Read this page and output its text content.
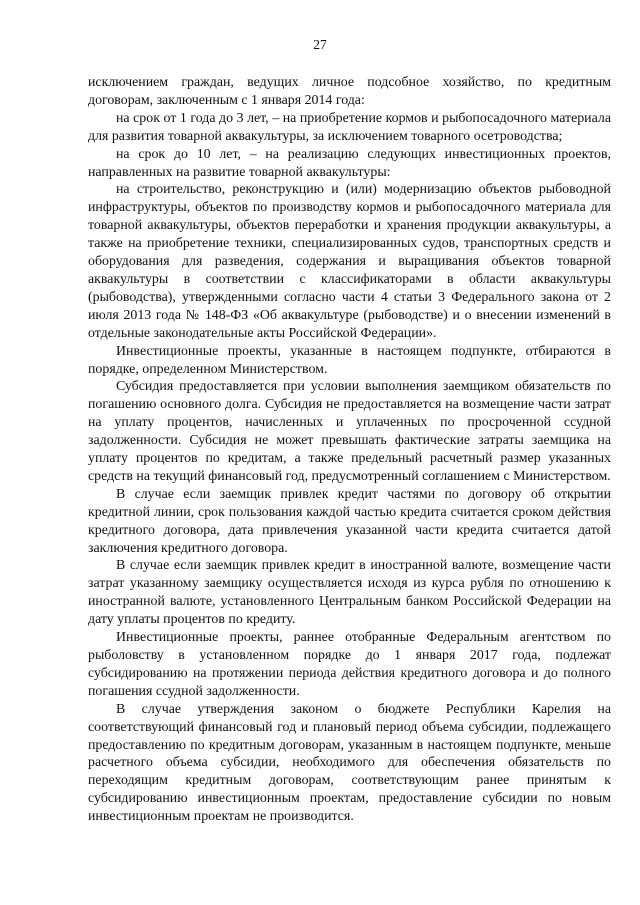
27

исключением граждан, ведущих личное подсобное хозяйство, по кредитным договорам, заключенным с 1 января 2014 года:

на срок от 1 года до 3 лет, – на приобретение кормов и рыбопосадочного материала для развития товарной аквакультуры, за исключением товарного осетроводства;

на срок до 10 лет, – на реализацию следующих инвестиционных проектов, направленных на развитие товарной аквакультуры:

на строительство, реконструкцию и (или) модернизацию объектов рыбоводной инфраструктуры, объектов по производству кормов и рыбопосадочного материала для товарной аквакультуры, объектов переработки и хранения продукции аквакультуры, а также на приобретение техники, специализированных судов, транспортных средств и оборудования для разведения, содержания и выращивания объектов товарной аквакультуры в соответствии с классификаторами в области аквакультуры (рыбоводства), утвержденными согласно части 4 статьи 3 Федерального закона от 2 июля 2013 года № 148-ФЗ «Об аквакультуре (рыбоводстве) и о внесении изменений в отдельные законодательные акты Российской Федерации».

Инвестиционные проекты, указанные в настоящем подпункте, отбираются в порядке, определенном Министерством.

Субсидия предоставляется при условии выполнения заемщиком обязательств по погашению основного долга. Субсидия не предоставляется на возмещение части затрат на уплату процентов, начисленных и уплаченных по просроченной ссудной задолженности. Субсидия не может превышать фактические затраты заемщика на уплату процентов по кредитам, а также предельный расчетный размер указанных средств на текущий финансовый год, предусмотренный соглашением с Министерством.

В случае если заемщик привлек кредит частями по договору об открытии кредитной линии, срок пользования каждой частью кредита считается сроком действия кредитного договора, дата привлечения указанной части кредита считается датой заключения кредитного договора.

В случае если заемщик привлек кредит в иностранной валюте, возмещение части затрат указанному заемщику осуществляется исходя из курса рубля по отношению к иностранной валюте, установленного Центральным банком Российской Федерации на дату уплаты процентов по кредиту.

Инвестиционные проекты, раннее отобранные Федеральным агентством по рыболовству в установленном порядке до 1 января 2017 года, подлежат субсидированию на протяжении периода действия кредитного договора и до полного погашения ссудной задолженности.

В случае утверждения законом о бюджете Республики Карелия на соответствующий финансовый год и плановый период объема субсидии, подлежащего предоставлению по кредитным договорам, указанным в настоящем подпункте, меньше расчетного объема субсидии, необходимого для обеспечения обязательств по переходящим кредитным договорам, соответствующим ранее принятым к субсидированию инвестиционным проектам, предоставление субсидии по новым инвестиционным проектам не производится.
